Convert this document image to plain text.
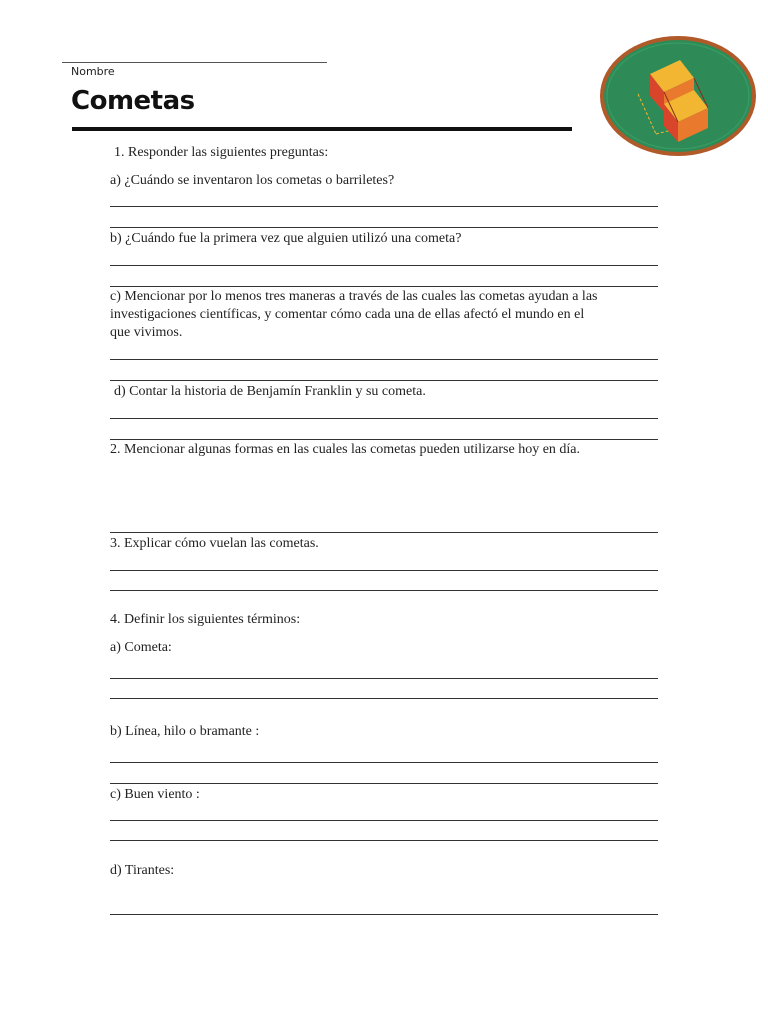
Nombre
Cometas
1. Responder las siguientes preguntas:
a) ¿Cuándo se inventaron los cometas o barriletes?
b) ¿Cuándo fue la primera vez que alguien utilizó una cometa?
c) Mencionar por lo menos tres maneras a través de las cuales las cometas ayudan a las
investigaciones científicas, y comentar cómo cada una de ellas afectó el mundo en el
que vivimos.
d) Contar la historia de Benjamín Franklin y su cometa.
2. Mencionar algunas formas en las cuales las cometas pueden utilizarse hoy en día.
3. Explicar cómo vuelan las cometas.
4. Definir los siguientes términos:
a) Cometa:
b) Línea, hilo o bramante :
c) Buen viento :
d) Tirantes:
